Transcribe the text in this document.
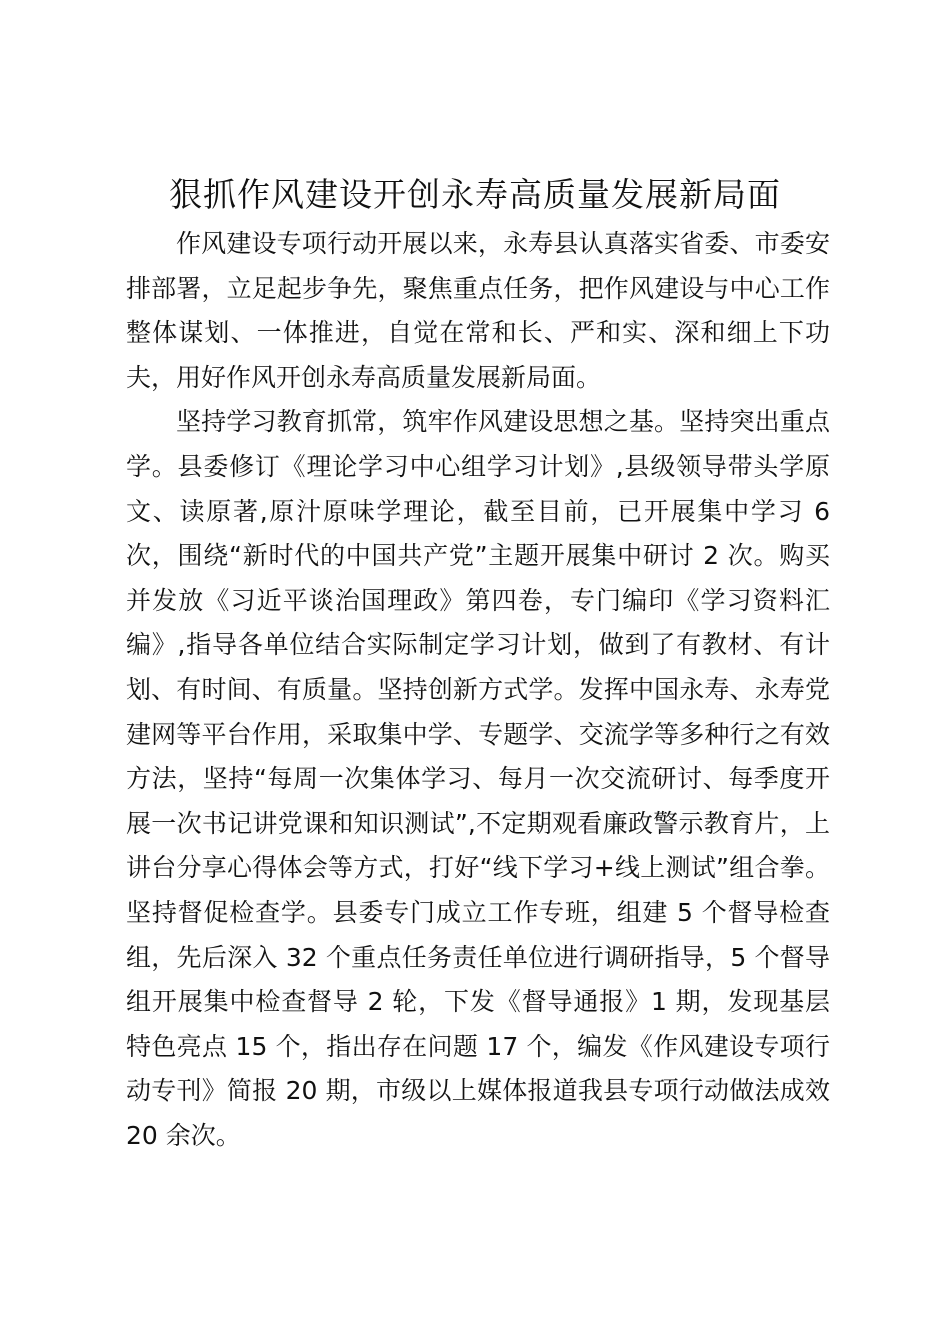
狠抓作风建设开创永寿高质量发展新局面

作风建设专项行动开展以来，永寿县认真落实省委、市委安排部署，立足起步争先，聚焦重点任务，把作风建设与中心工作整体谋划、一体推进，自觉在常和长、严和实、深和细上下功夫，用好作风开创永寿高质量发展新局面。

坚持学习教育抓常，筑牢作风建设思想之基。坚持突出重点学。县委修订《理论学习中心组学习计划》,县级领导带头学原文、读原著,原汁原味学理论，截至目前，已开展集中学习 6 次，围绕“新时代的中国共产党”主题开展集中研讨 2 次。购买并发放《习近平谈治国理政》第四卷，专门编印《学习资料汇编》,指导各单位结合实际制定学习计划，做到了有教材、有计划、有时间、有质量。坚持创新方式学。发挥中国永寿、永寿党建网等平台作用，采取集中学、专题学、交流学等多种行之有效方法，坚持“每周一次集体学习、每月一次交流研讨、每季度开展一次书记讲党课和知识测试”,不定期观看廉政警示教育片，上讲台分享心得体会等方式，打好“线下学习+线上测试”组合拳。坚持督促检查学。县委专门成立工作专班，组建 5 个督导检查组，先后深入 32 个重点任务责任单位进行调研指导，5 个督导组开展集中检查督导 2 轮，下发《督导通报》1 期，发现基层特色亮点 15 个，指出存在问题 17 个，编发《作风建设专项行动专刊》简报 20 期，市级以上媒体报道我县专项行动做法成效 20 余次。
